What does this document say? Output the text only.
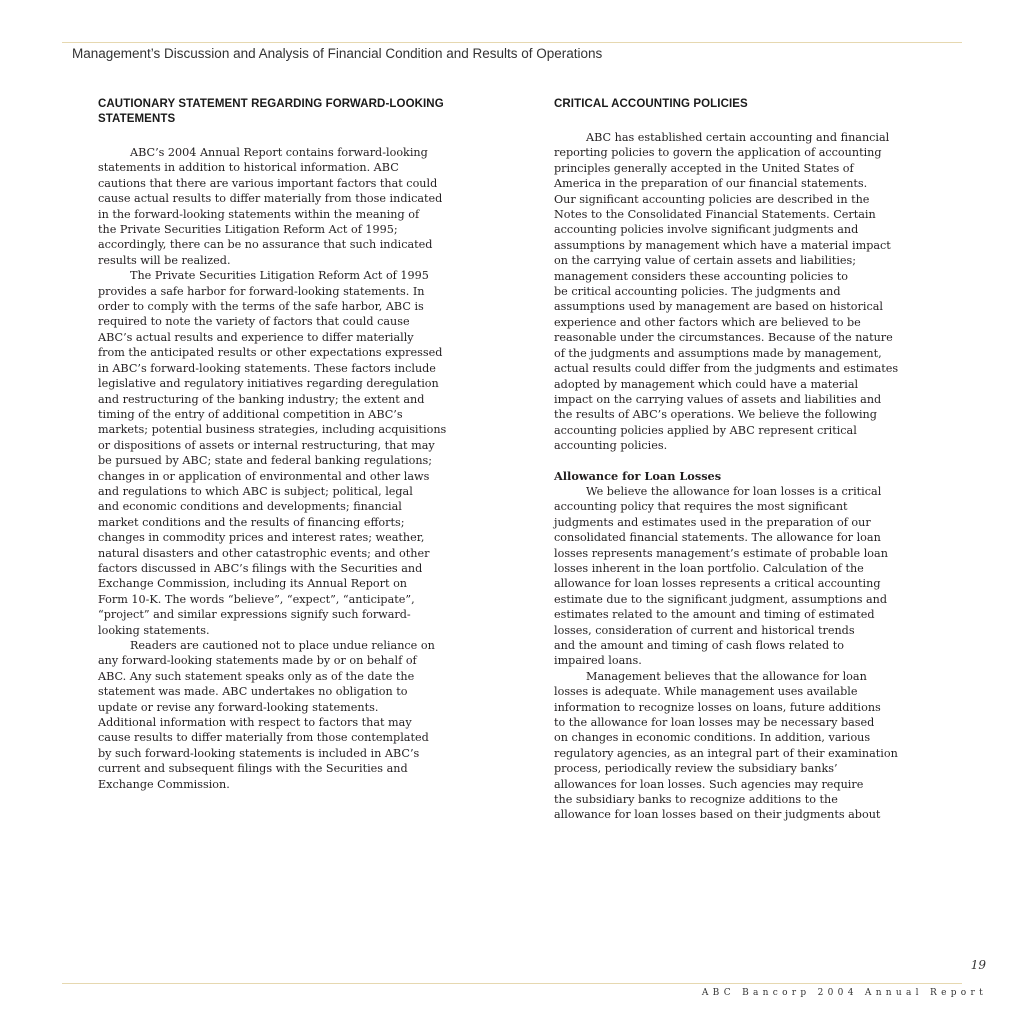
Management’s Discussion and Analysis of Financial Condition and Results of Operations
CAUTIONARY STATEMENT REGARDING FORWARD-LOOKING
STATEMENTS

ABC’s 2004 Annual Report contains forward-looking
statements in addition to historical information. ABC
cautions that there are various important factors that could
cause actual results to differ materially from those indicated
in the forward-looking statements within the meaning of
the Private Securities Litigation Reform Act of 1995;
accordingly, there can be no assurance that such indicated
results will be realized.

The Private Securities Litigation Reform Act of 1995
provides a safe harbor for forward-looking statements. In
order to comply with the terms of the safe harbor, ABC is
required to note the variety of factors that could cause
ABC’s actual results and experience to differ materially
from the anticipated results or other expectations expressed
in ABC’s forward-looking statements. These factors include
legislative and regulatory initiatives regarding deregulation
and restructuring of the banking industry; the extent and
timing of the entry of additional competition in ABC’s
markets; potential business strategies, including acquisitions
or dispositions of assets or internal restructuring, that may
be pursued by ABC; state and federal banking regulations;
changes in or application of environmental and other laws
and regulations to which ABC is subject; political, legal
and economic conditions and developments; financial
market conditions and the results of financing efforts;
changes in commodity prices and interest rates; weather,
natural disasters and other catastrophic events; and other
factors discussed in ABC’s filings with the Securities and
Exchange Commission, including its Annual Report on
Form 10-K. The words “believe”, “expect”, “anticipate”,
“project” and similar expressions signify such forward-
looking statements.

Readers are cautioned not to place undue reliance on
any forward-looking statements made by or on behalf of
ABC. Any such statement speaks only as of the date the
statement was made. ABC undertakes no obligation to
update or revise any forward-looking statements.
Additional information with respect to factors that may
cause results to differ materially from those contemplated
by such forward-looking statements is included in ABC’s
current and subsequent filings with the Securities and
Exchange Commission.

CRITICAL ACCOUNTING POLICIES

ABC has established certain accounting and financial
reporting policies to govern the application of accounting
principles generally accepted in the United States of
America in the preparation of our financial statements.
Our significant accounting policies are described in the
Notes to the Consolidated Financial Statements. Certain
accounting policies involve significant judgments and
assumptions by management which have a material impact
on the carrying value of certain assets and liabilities;
management considers these accounting policies to
be critical accounting policies. The judgments and
assumptions used by management are based on historical
experience and other factors which are believed to be
reasonable under the circumstances. Because of the nature
of the judgments and assumptions made by management,
actual results could differ from the judgments and estimates
adopted by management which could have a material
impact on the carrying values of assets and liabilities and
the results of ABC’s operations. We believe the following
accounting policies applied by ABC represent critical
accounting policies.

Allowance for Loan Losses

We believe the allowance for loan losses is a critical
accounting policy that requires the most significant
judgments and estimates used in the preparation of our
consolidated financial statements. The allowance for loan
losses represents management’s estimate of probable loan
losses inherent in the loan portfolio. Calculation of the
allowance for loan losses represents a critical accounting
estimate due to the significant judgment, assumptions and
estimates related to the amount and timing of estimated
losses, consideration of current and historical trends
and the amount and timing of cash flows related to
impaired loans.

Management believes that the allowance for loan
losses is adequate. While management uses available
information to recognize losses on loans, future additions
to the allowance for loan losses may be necessary based
on changes in economic conditions. In addition, various
regulatory agencies, as an integral part of their examination
process, periodically review the subsidiary banks’
allowances for loan losses. Such agencies may require
the subsidiary banks to recognize additions to the
allowance for loan losses based on their judgments about

19
ABC Bancorp 2004 Annual Report
